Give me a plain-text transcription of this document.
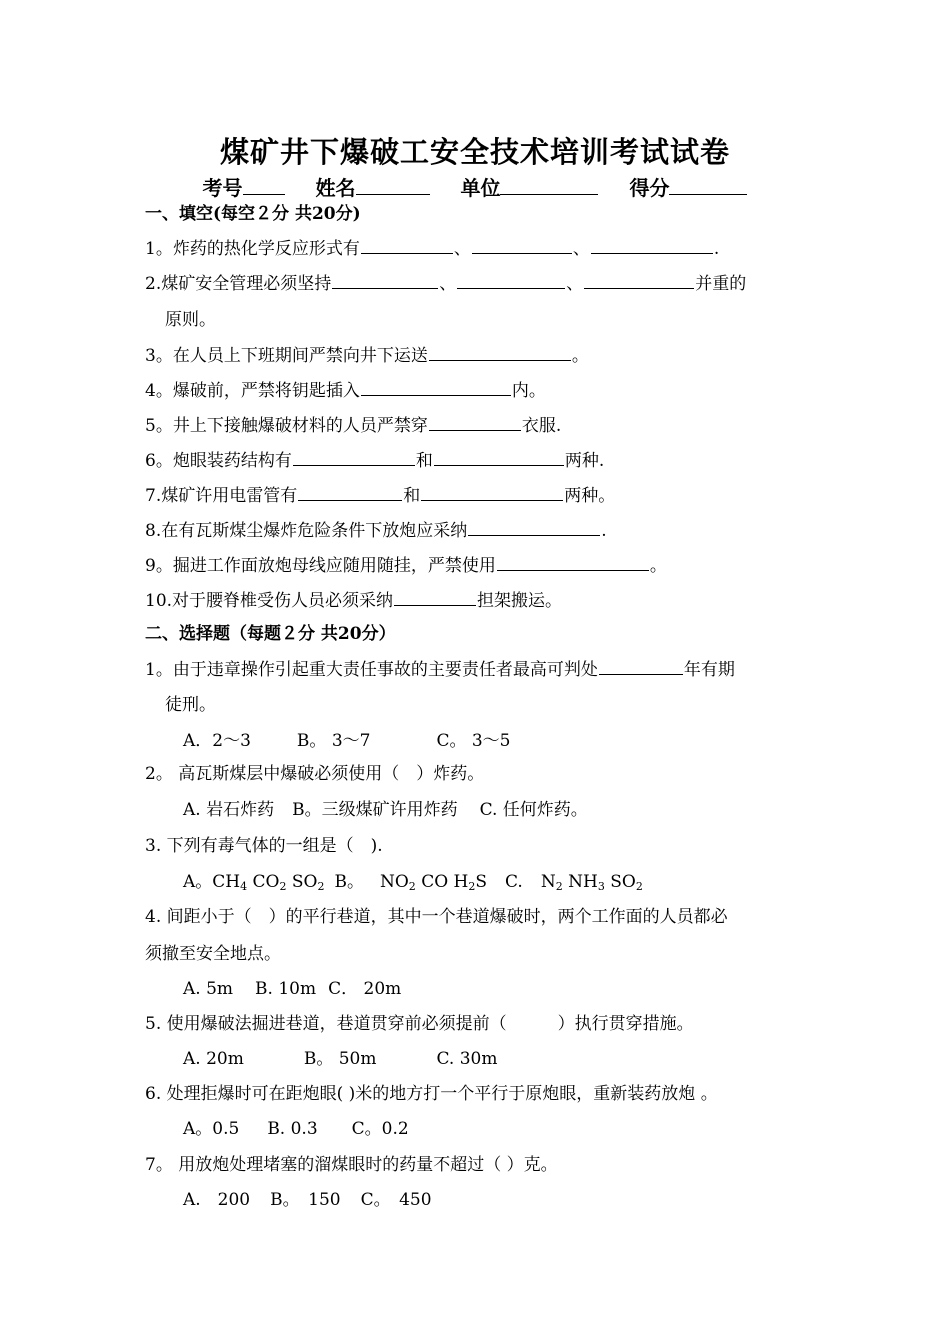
煤矿井下爆破工安全技术培训考试试卷
考号	姓名	单位	得分
一、填空(每空２分 共20分)
1。炸药的热化学反应形式有	、	、	.
2.煤矿安全管理必须坚持	、	、	并重的
原则。
3。在人员上下班期间严禁向井下运送	。
4。爆破前，严禁将钥匙插入	内。
5。井上下接触爆破材料的人员严禁穿	衣服.
6。炮眼装药结构有	和	两种.
7.煤矿许用电雷管有	和	两种。
8.在有瓦斯煤尘爆炸危险条件下放炮应采纳	.
9。掘进工作面放炮母线应随用随挂，严禁使用	。
10.对于腰脊椎受伤人员必须采纳	担架搬运。
二、选择题（每题２分 共20分）
1。由于违章操作引起重大责任事故的主要责任者最高可判处	年有期
徒刑。
A．2～3	B。 3～7	C。 3～5
2。 高瓦斯煤层中爆破必须使用（　）炸药。
A. 岩石炸药 B。三级煤矿许用炸药 C. 任何炸药。
3. 下列有毒气体的一组是（　).
A。$CH_4$ $CO_2$ $SO_2$ B。 $NO_2$ CO $H_2S$ C. $N_2$ $NH_3$ $SO_2$
4. 间距小于（　）的平行巷道，其中一个巷道爆破时，两个工作面的人员都必
须撤至安全地点。
A. 5m B. 10m C． 20m
5. 使用爆破法掘进巷道，巷道贯穿前必须提前（　　　）执行贯穿措施。
A. 20m	B。 50m	C. 30m
6. 处理拒爆时可在距炮眼( )米的地方打一个平行于原炮眼，重新装药放炮 。
A。0.5 B. 0.3 C。0.2
7。 用放炮处理堵塞的溜煤眼时的药量不超过（ ）克。
A.　200 B。　150 C。　450
